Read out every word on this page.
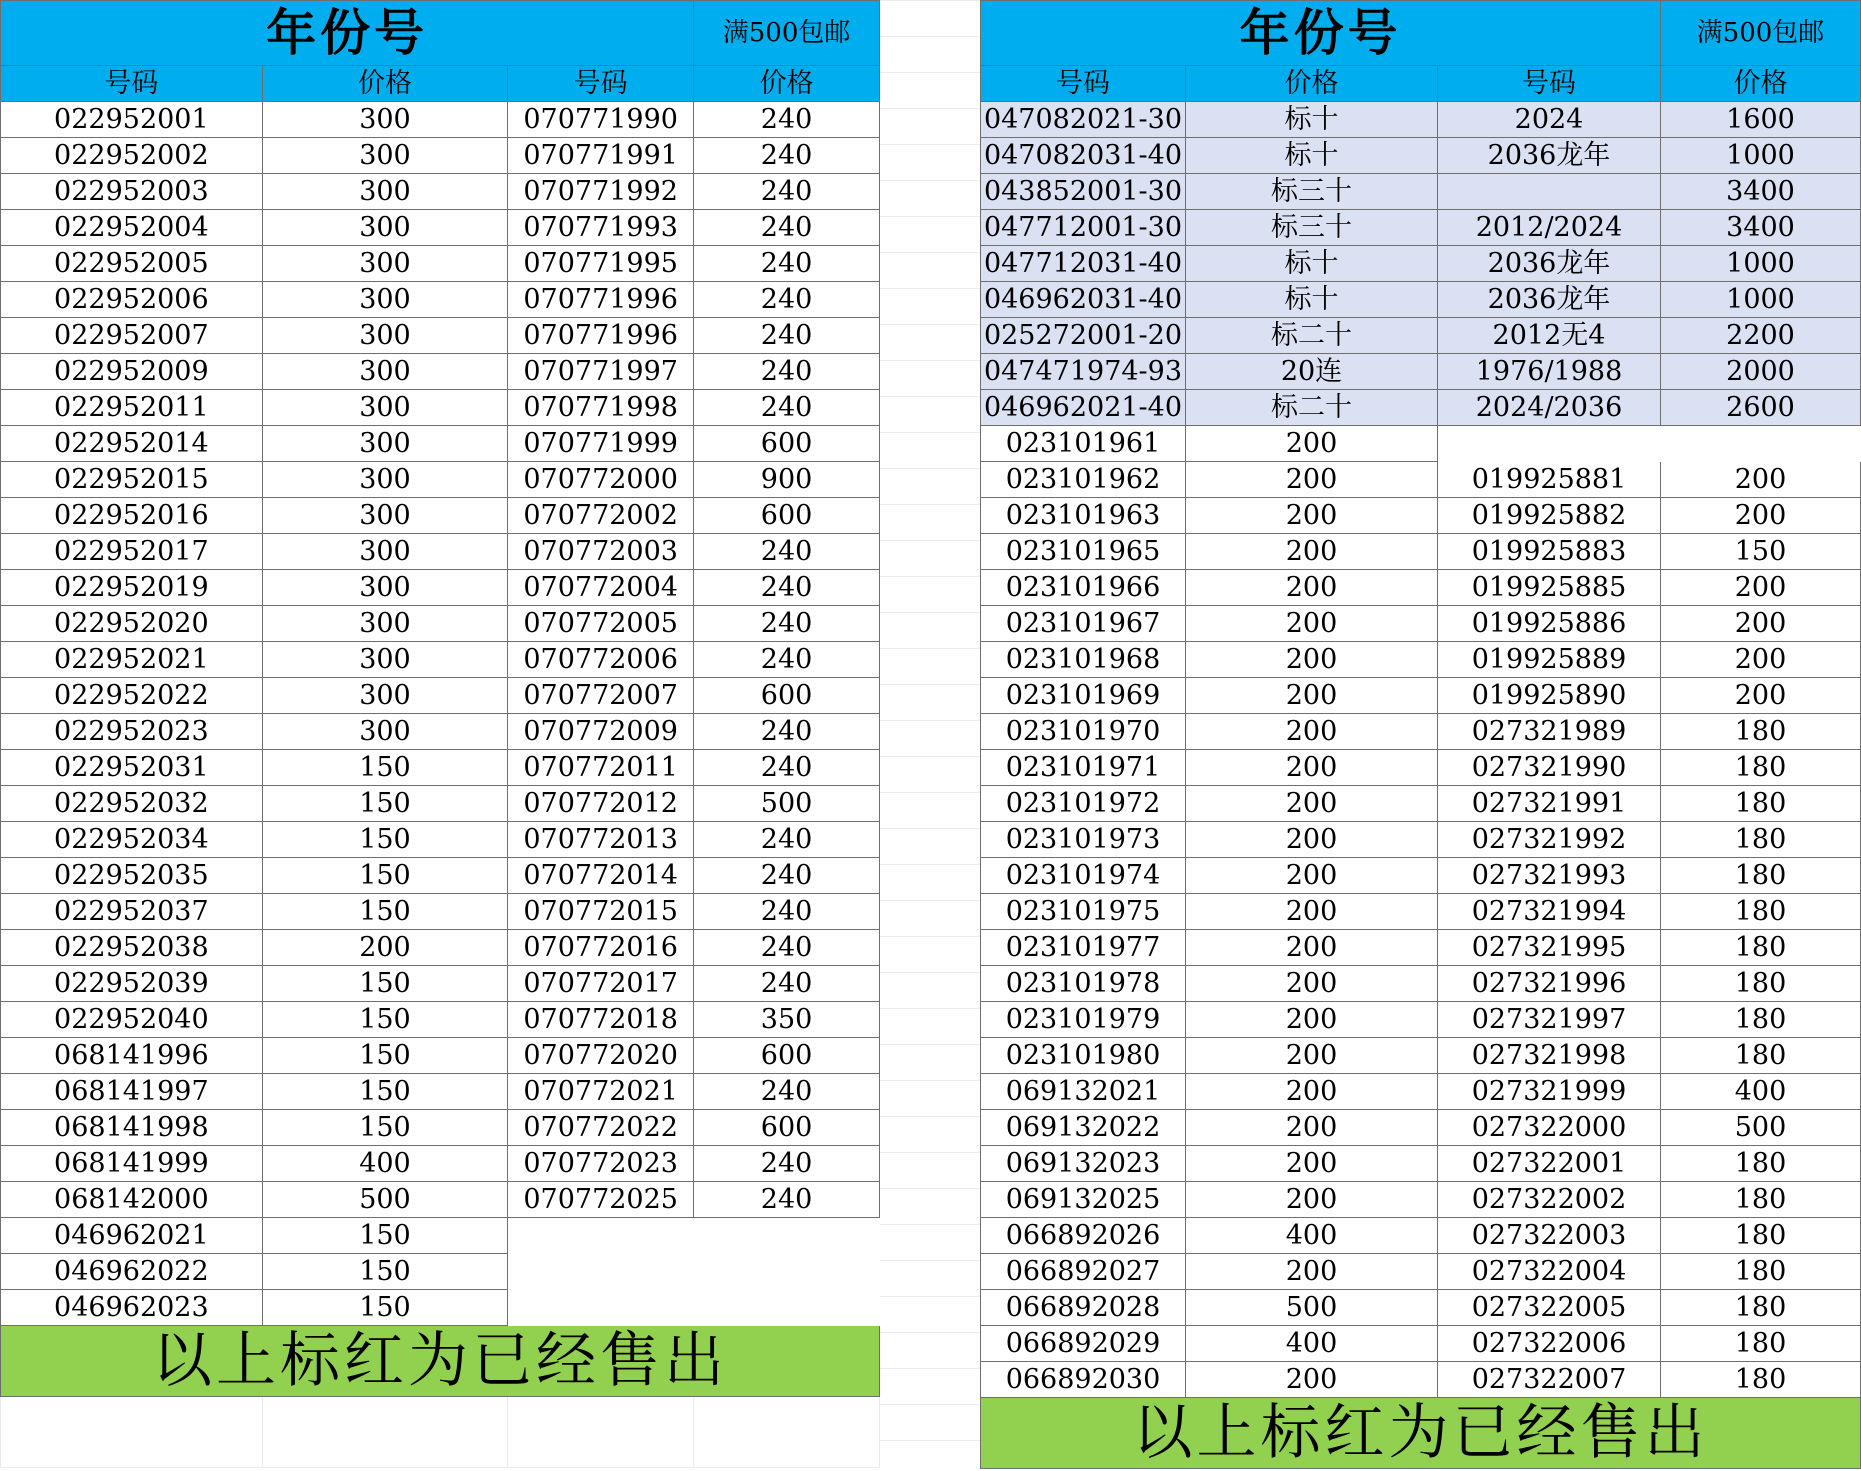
年份号			满500包邮
号码	价格	号码	价格
022952001	300	070771990	240
022952002	300	070771991	240
022952003	300	070771992	240
022952004	300	070771993	240
022952005	300	070771995	240
022952006	300	070771996	240
022952007	300	070771996	240
022952009	300	070771997	240
022952011	300	070771998	240
022952014	300	070771999	600
022952015	300	070772000	900
022952016	300	070772002	600
022952017	300	070772003	240
022952019	300	070772004	240
022952020	300	070772005	240
022952021	300	070772006	240
022952022	300	070772007	600
022952023	300	070772009	240
022952031	150	070772011	240
022952032	150	070772012	500
022952034	150	070772013	240
022952035	150	070772014	240
022952037	150	070772015	240
022952038	200	070772016	240
022952039	150	070772017	240
022952040	150	070772018	350
068141996	150	070772020	600
068141997	150	070772021	240
068141998	150	070772022	600
068141999	400	070772023	240
068142000	500	070772025	240
046962021	150		
046962022	150		
046962023	150		
以上标红为已经售出			

年份号			满500包邮
号码	价格	号码	价格
047082021-30	标十	2024	1600
047082031-40	标十	2036龙年	1000
043852001-30	标三十		3400
047712001-30	标三十	2012/2024	3400
047712031-40	标十	2036龙年	1000
046962031-40	标十	2036龙年	1000
025272001-20	标二十	2012无4	2200
047471974-93	20连	1976/1988	2000
046962021-40	标二十	2024/2036	2600
023101961	200		
023101962	200	019925881	200
023101963	200	019925882	200
023101965	200	019925883	150
023101966	200	019925885	200
023101967	200	019925886	200
023101968	200	019925889	200
023101969	200	019925890	200
023101970	200	027321989	180
023101971	200	027321990	180
023101972	200	027321991	180
023101973	200	027321992	180
023101974	200	027321993	180
023101975	200	027321994	180
023101977	200	027321995	180
023101978	200	027321996	180
023101979	200	027321997	180
023101980	200	027321998	180
069132021	200	027321999	400
069132022	200	027322000	500
069132023	200	027322001	180
069132025	200	027322002	180
066892026	400	027322003	180
066892027	200	027322004	180
066892028	500	027322005	180
066892029	400	027322006	180
066892030	200	027322007	180
以上标红为已经售出			
